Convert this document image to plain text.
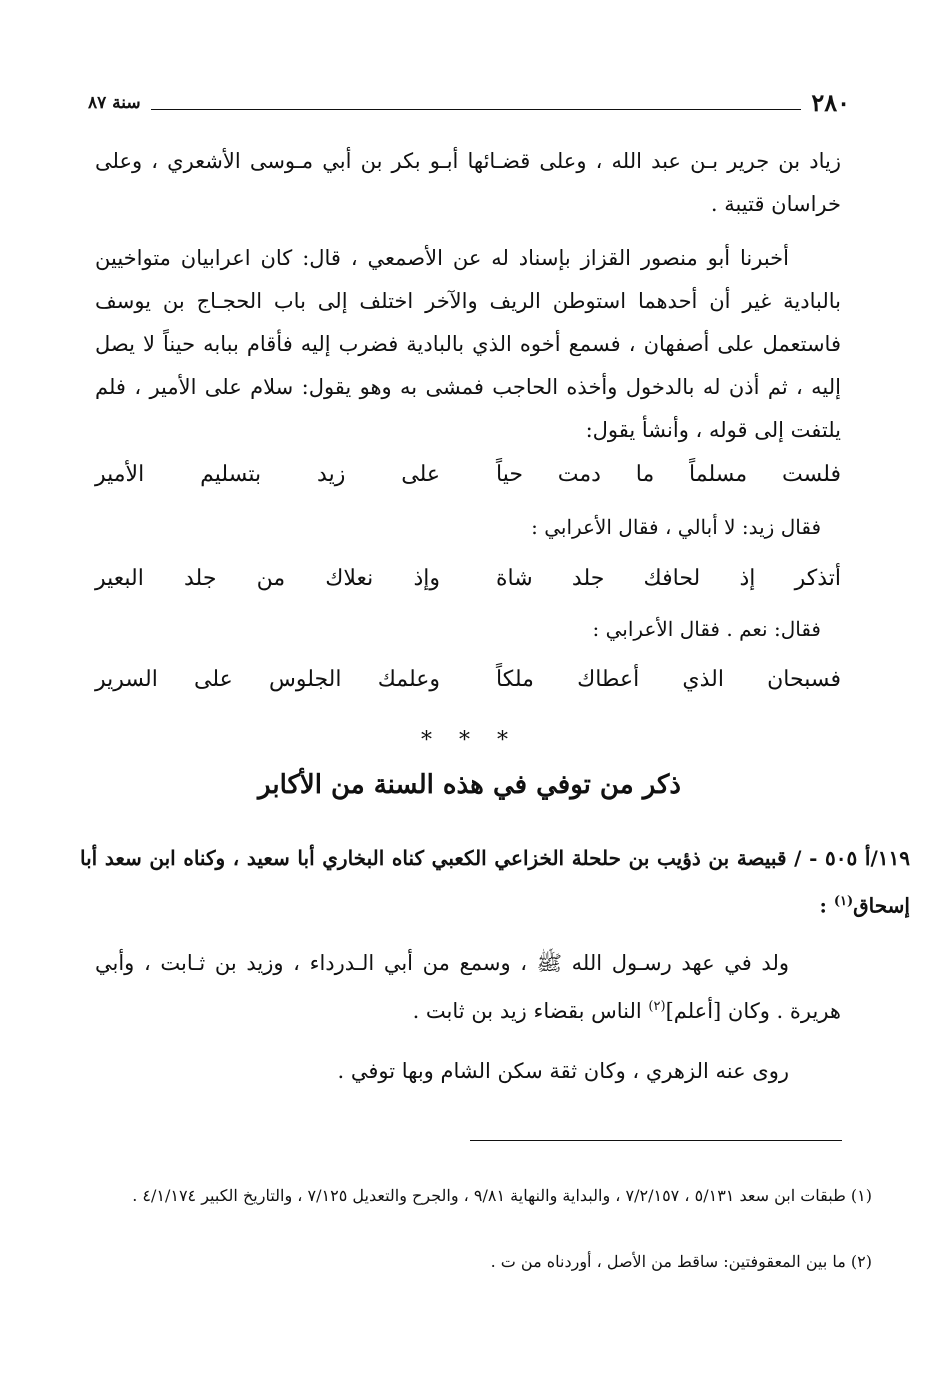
٢٨٠
سنة ٨٧

زياد بن جرير بـن عبد الله ، وعلى قضـائها أبـو بكر بن أبي مـوسى الأشعري ، وعلى خراسان قتيبة .

أخبرنا أبو منصور القزاز بإسناد له عن الأصمعي ، قال: كان اعرابيان متواخيين بالبادية غير أن أحدهما استوطن الريف والآخر اختلف إلى باب الحجـاج بن يوسف فاستعمل على أصفهان ، فسمع أخوه الذي بالبادية فضرب إليه فأقام ببابه حيناً لا يصل إليه ، ثم أذن له بالدخول وأخذه الحاجب فمشى به وهو يقول: سلام على الأمير ، فلم يلتفت إلى قوله ، وأنشأ يقول:

فلست مسلماً ما دمت حياً
على زيد بتسليم الأمير
فقال زيد: لا أبالي ، فقال الأعرابي :
أتذكر إذ لحافك جلد شاة
وإذ نعلاك من جلد البعير
فقال: نعم . فقال الأعرابي :
فسبحان الذي أعطاك ملكاً
وعلمك الجلوس على السرير
* * *
ذكر من توفي في هذه السنة من الأكابر

١١٩/أ ٥٠٥ - / قبيصة بن ذؤيب بن حلحلة الخزاعي الكعبي كناه البخاري أبا سعيد ، وكناه ابن سعد أبا إسحاق$^{(١)}$ :

ولد في عهد رسـول الله ﷺ ، وسمع من أبي الـدرداء ، وزيد بن ثـابت ، وأبي هريرة . وكان [أعلم]$^{(٢)}$ الناس بقضاء زيد بن ثابت .

روى عنه الزهري ، وكان ثقة سكن الشام وبها توفي .

(١) طبقات ابن سعد ٥/١٣١ ، ٧/٢/١٥٧ ، والبداية والنهاية ٩/٨١ ، والجرح والتعديل ٧/١٢٥ ، والتاريخ الكبير ٤/١/١٧٤ .

(٢) ما بين المعقوفتين: ساقط من الأصل ، أوردناه من ت .
